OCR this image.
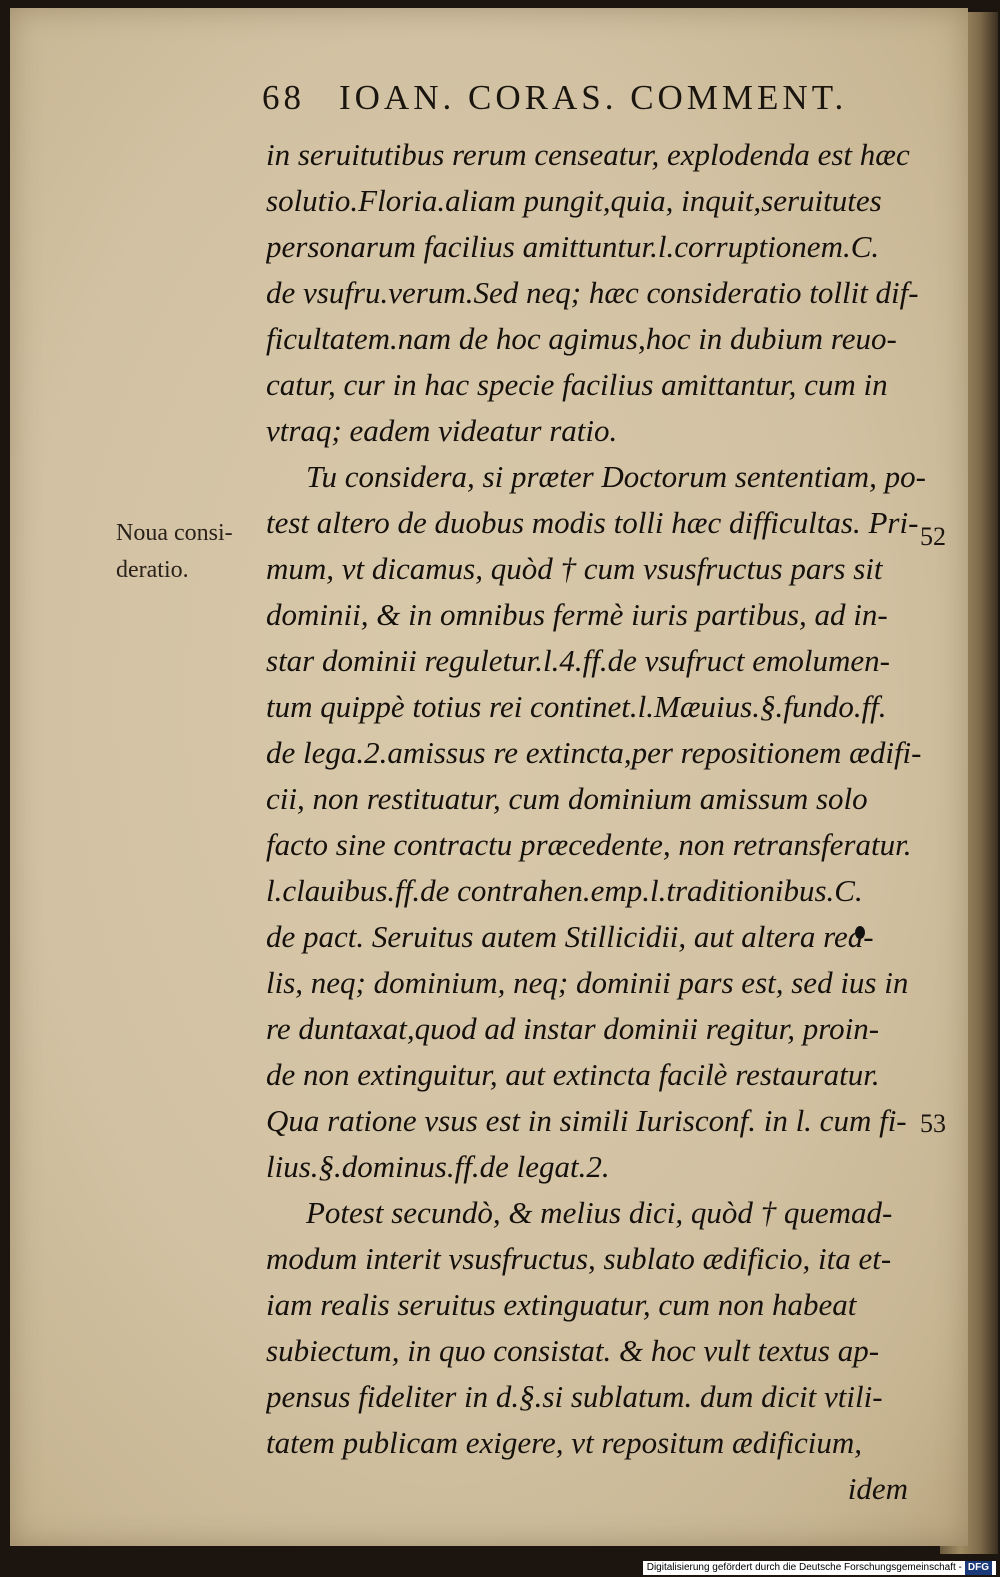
68 IOAN. CORAS. COMMENT.
Noua consi-
deratio.
52
53
in seruitutibus rerum censeatur, explodenda est hæc
solutio.Floria.aliam pungit,quia, inquit,seruitutes
personarum facilius amittuntur.l.corruptionem.C.
de vsufru.verum.Sed neq; hæc consideratio tollit dif-
ficultatem.nam de hoc agimus,hoc in dubium reuo-
catur, cur in hac specie facilius amittantur, cum in
vtraq; eadem videatur ratio.
Tu considera, si præter Doctorum sententiam, po-
test altero de duobus modis tolli hæc difficultas. Pri-
mum, vt dicamus, quòd † cum vsusfructus pars sit
dominii, & in omnibus fermè iuris partibus, ad in-
star dominii reguletur.l.4.ff.de vsufruct emolumen-
tum quippè totius rei continet.l.Mæuius.§.fundo.ff.
de lega.2.amissus re extincta,per repositionem ædifi-
cii, non restituatur, cum dominium amissum solo
facto sine contractu præcedente, non retransferatur.
l.clauibus.ff.de contrahen.emp.l.traditionibus.C.
de pact. Seruitus autem Stillicidii, aut altera rea-
lis, neq; dominium, neq; dominii pars est, sed ius in
re duntaxat,quod ad instar dominii regitur, proin-
de non extinguitur, aut extincta facilè restauratur.
Qua ratione vsus est in simili Iurisconf. in l. cum fi-
lius.§.dominus.ff.de legat.2.
Potest secundò, & melius dici, quòd † quemad-
modum interit vsusfructus, sublato ædificio, ita et-
iam realis seruitus extinguatur, cum non habeat
subiectum, in quo consistat. & hoc vult textus ap-
pensus fideliter in d.§.si sublatum. dum dicit vtili-
tatem publicam exigere, vt repositum ædificium,
idem
Digitalisierung gefördert durch die Deutsche Forschungsgemeinschaft - DFG
